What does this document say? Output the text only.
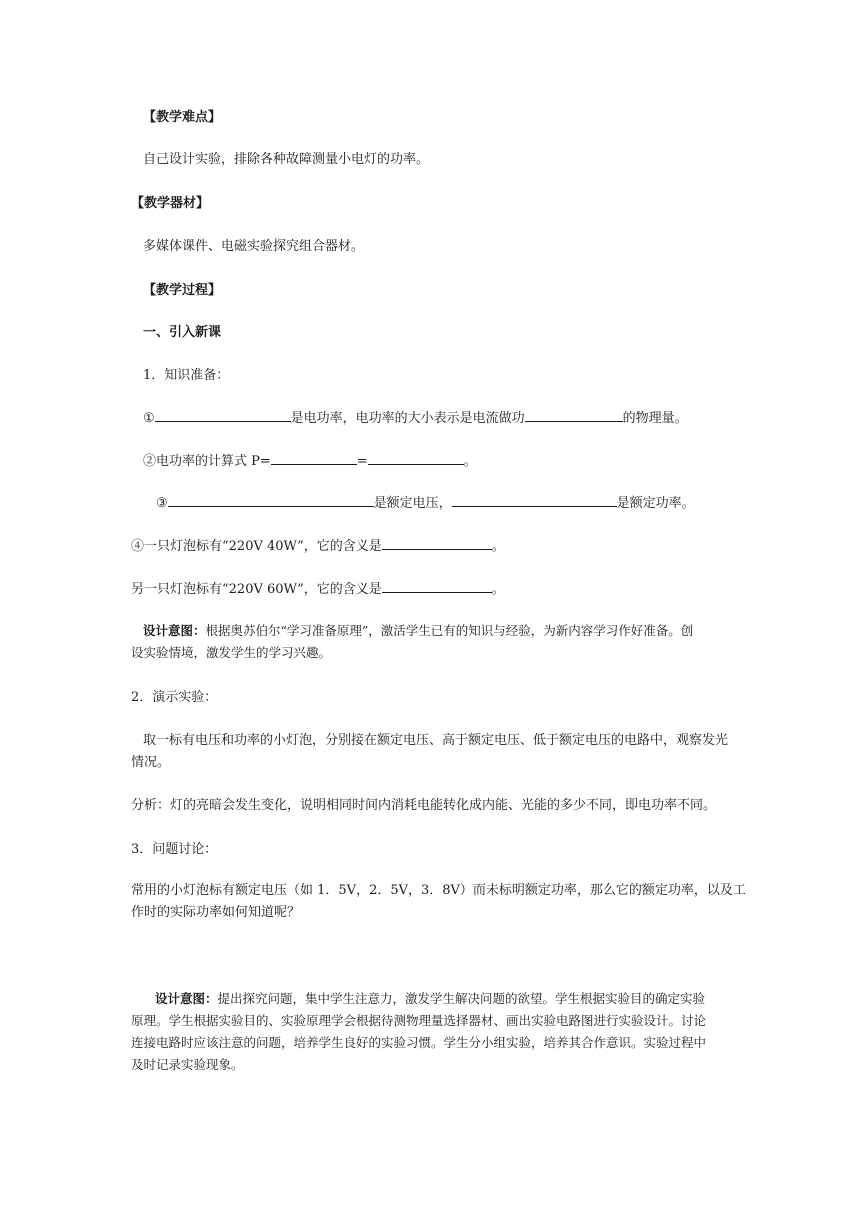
【教学难点】
自己设计实验，排除各种故障测量小电灯的功率。
【教学器材】
多媒体课件、电磁实验探究组合器材。
【教学过程】
一、引入新课
1．知识准备：
①	是电功率，电功率的大小表示是电流做功	的物理量。
②电功率的计算式 P=	=	。
③	是额定电压，	是额定功率。
④一只灯泡标有“220V 40W”，它的含义是	。
另一只灯泡标有“220V 60W”，它的含义是	。
设计意图：根据奥苏伯尔“学习准备原理”，激活学生已有的知识与经验，为新内容学习作好准备。创
设实验情境，激发学生的学习兴趣。
2．演示实验：
取一标有电压和功率的小灯泡，分别接在额定电压、高于额定电压、低于额定电压的电路中，观察发光
情况。
分析：灯的亮暗会发生变化，说明相同时间内消耗电能转化成内能、光能的多少不同，即电功率不同。
3．问题讨论：
常用的小灯泡标有额定电压（如 1．5V，2．5V，3．8V）而未标明额定功率，那么它的额定功率，以及工
作时的实际功率如何知道呢？
设计意图：提出探究问题，集中学生注意力，激发学生解决问题的欲望。学生根据实验目的确定实验
原理。学生根据实验目的、实验原理学会根据待测物理量选择器材、画出实验电路图进行实验设计。讨论
连接电路时应该注意的问题，培养学生良好的实验习惯。学生分小组实验，培养其合作意识。实验过程中
及时记录实验现象。
